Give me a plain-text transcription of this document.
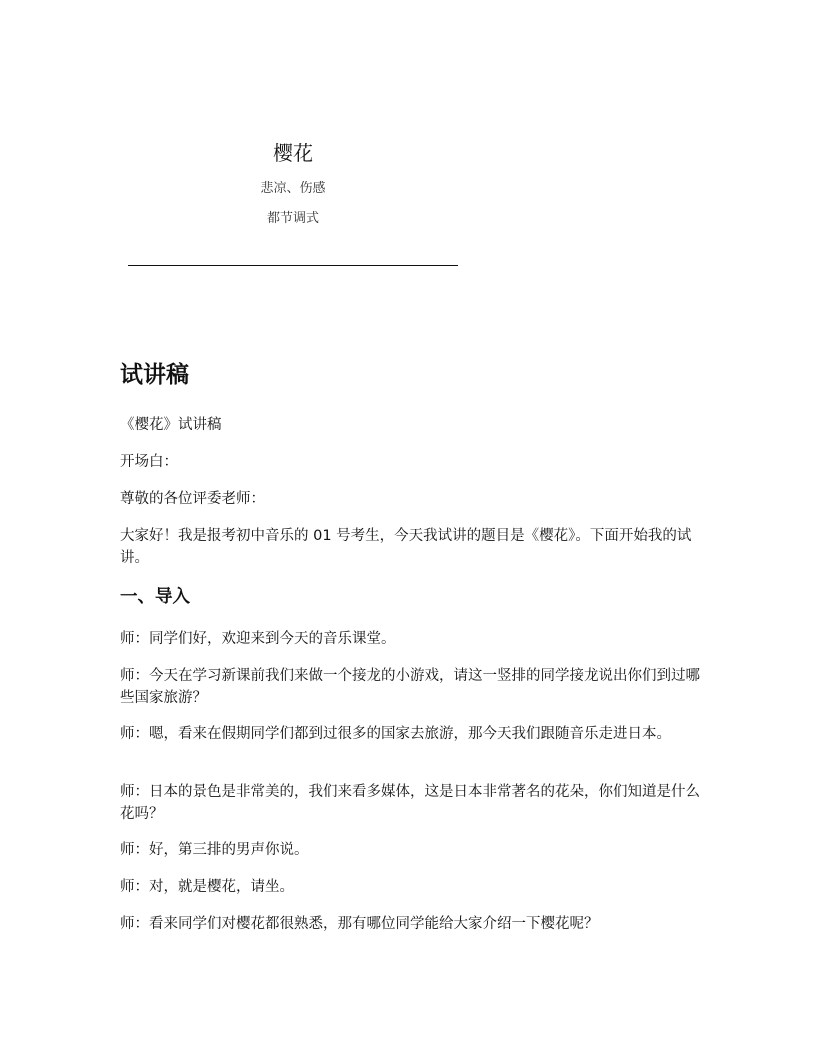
樱花
悲凉、伤感
都节调式
试讲稿

《樱花》试讲稿

开场白：

尊敬的各位评委老师：

大家好！我是报考初中音乐的 01 号考生，今天我试讲的题目是《樱花》。下面开始我的试讲。

一、导入

师：同学们好，欢迎来到今天的音乐课堂。

师：今天在学习新课前我们来做一个接龙的小游戏，请这一竖排的同学接龙说出你们到过哪些国家旅游？

师：嗯，看来在假期同学们都到过很多的国家去旅游，那今天我们跟随音乐走进日本。

师：日本的景色是非常美的，我们来看多媒体，这是日本非常著名的花朵，你们知道是什么花吗？

师：好，第三排的男声你说。

师：对，就是樱花，请坐。

师：看来同学们对樱花都很熟悉，那有哪位同学能给大家介绍一下樱花呢？
